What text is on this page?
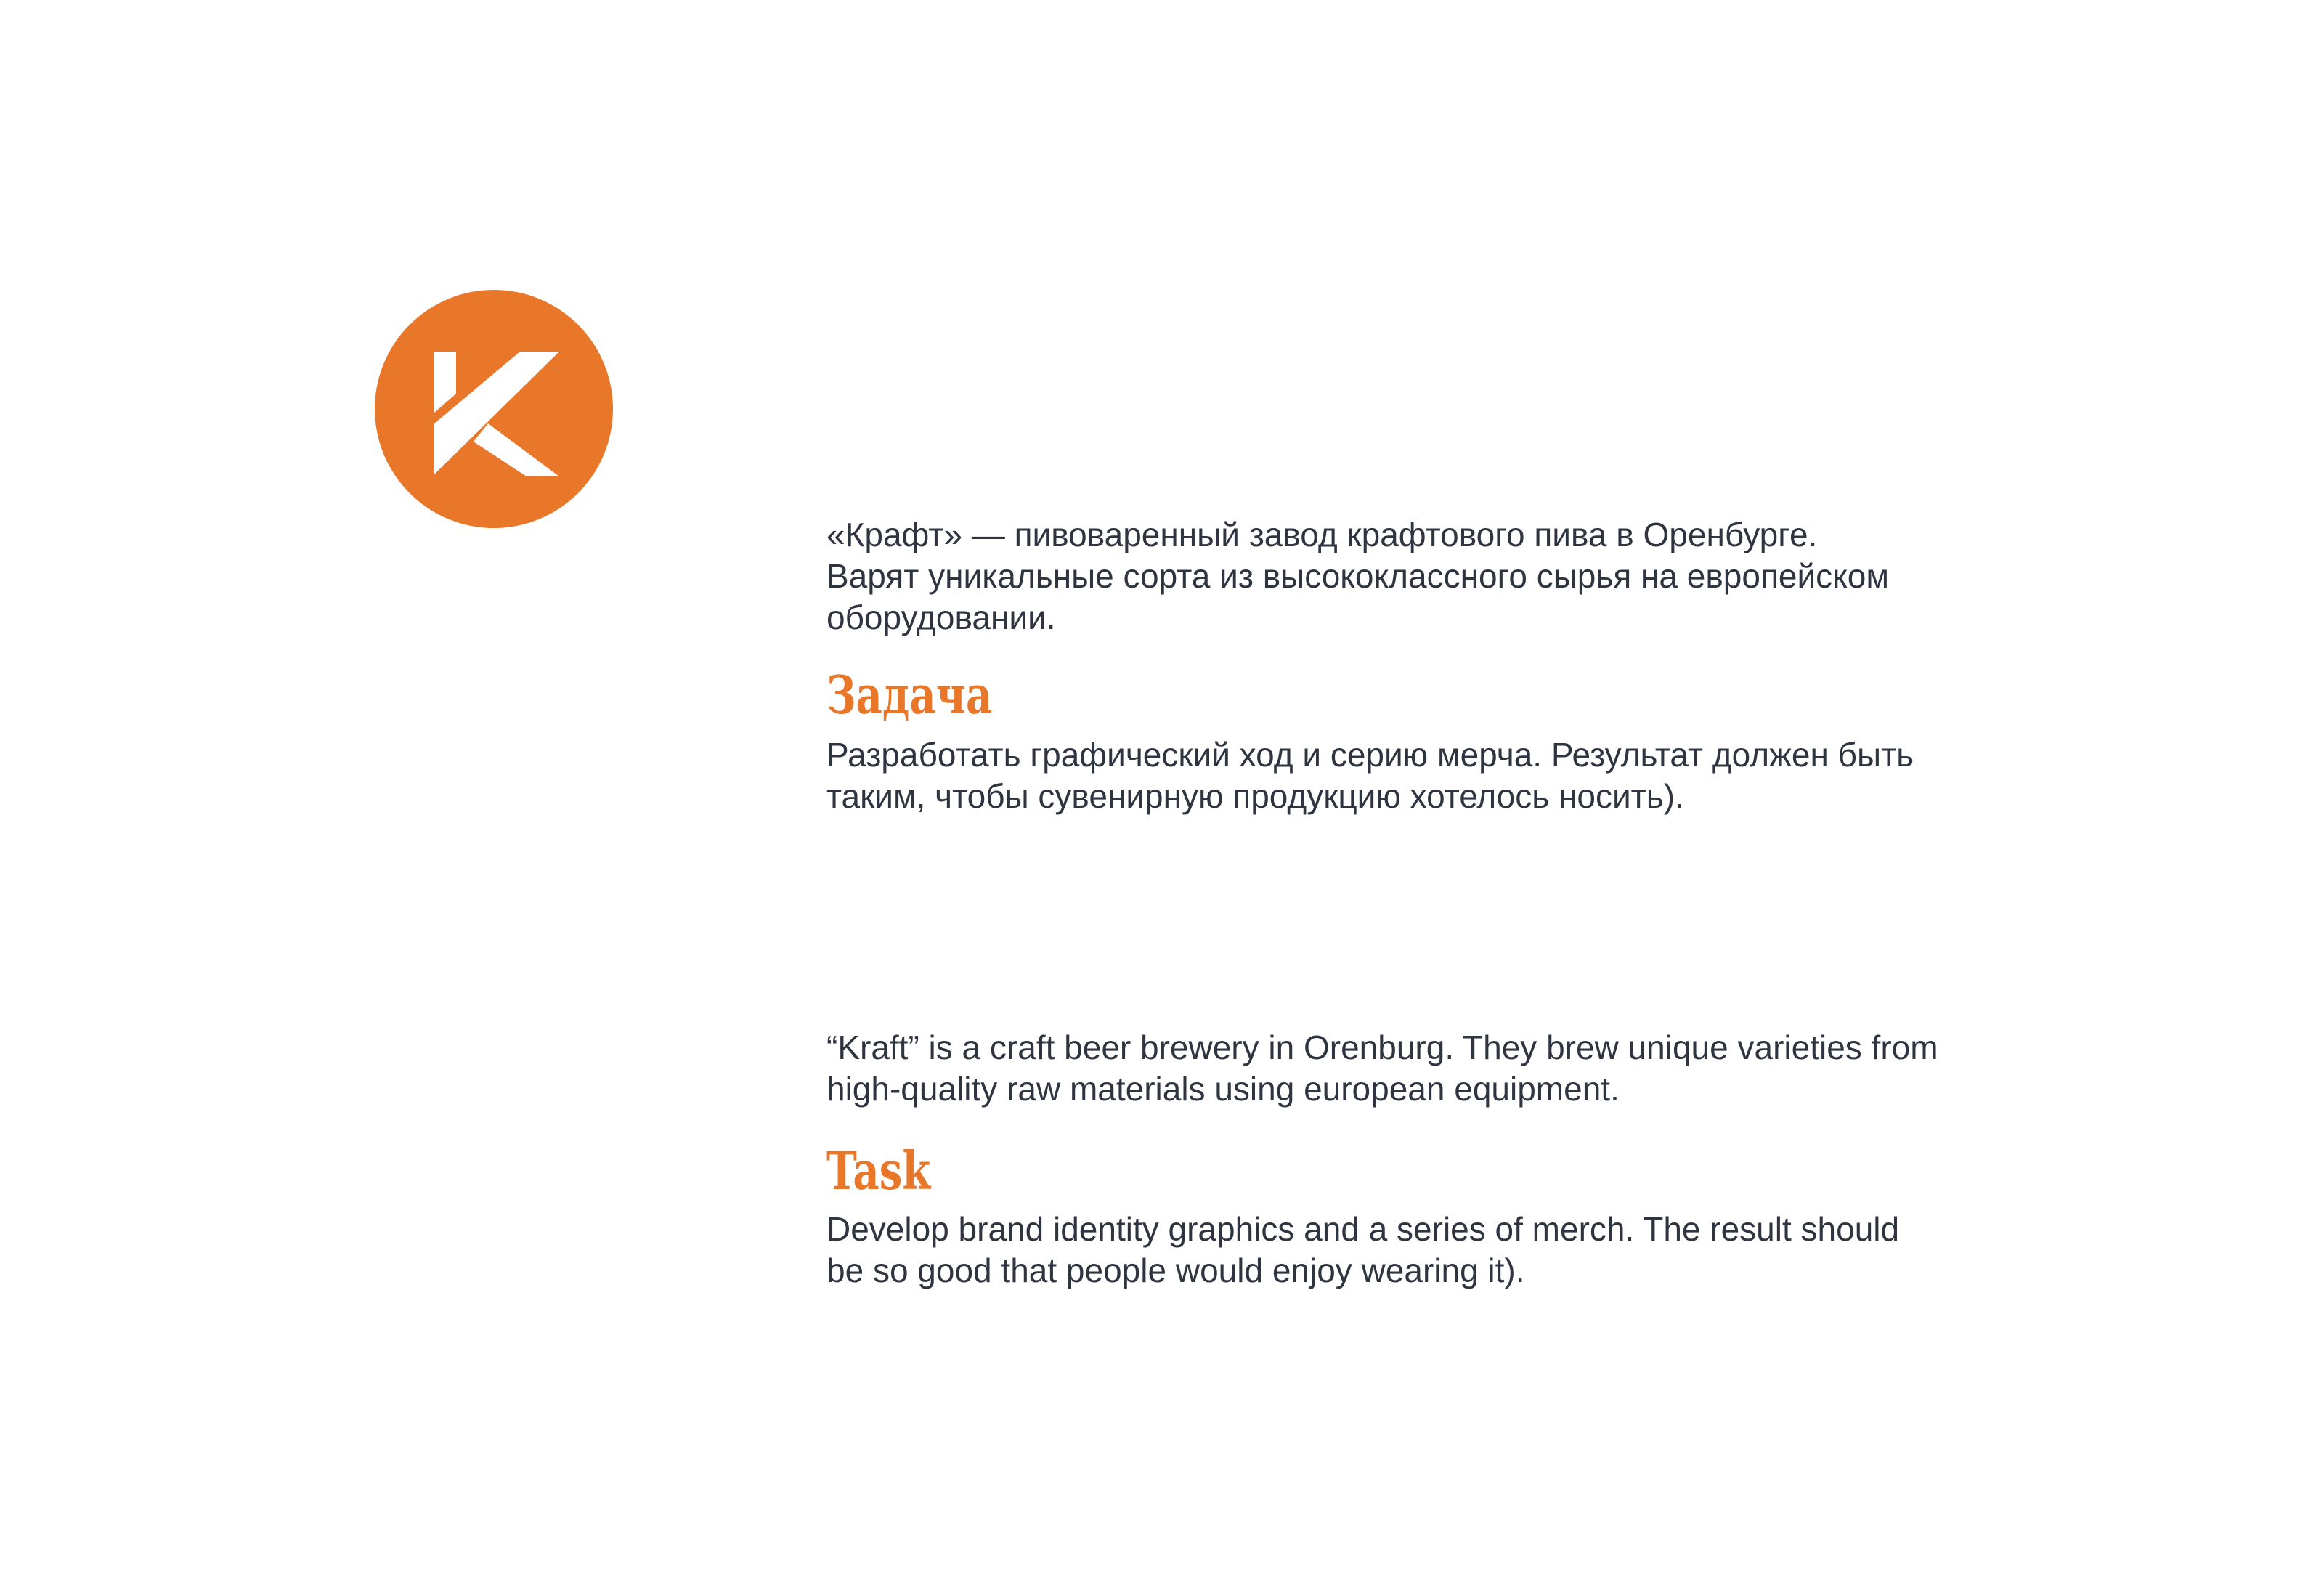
«Крафт» — пивоваренный завод крафтового пива в Оренбурге.
Варят уникальные сорта из высококлассного сырья на европейском
оборудовании.

Задача

Разработать графический ход и серию мерча. Результат должен быть
таким, чтобы сувенирную продукцию хотелось носить).

“Kraft” is a craft beer brewery in Orenburg. They brew unique varieties from
high-quality raw materials using european equipment.

Task

Develop brand identity graphics and a series of merch. The result should
be so good that people would enjoy wearing it).
